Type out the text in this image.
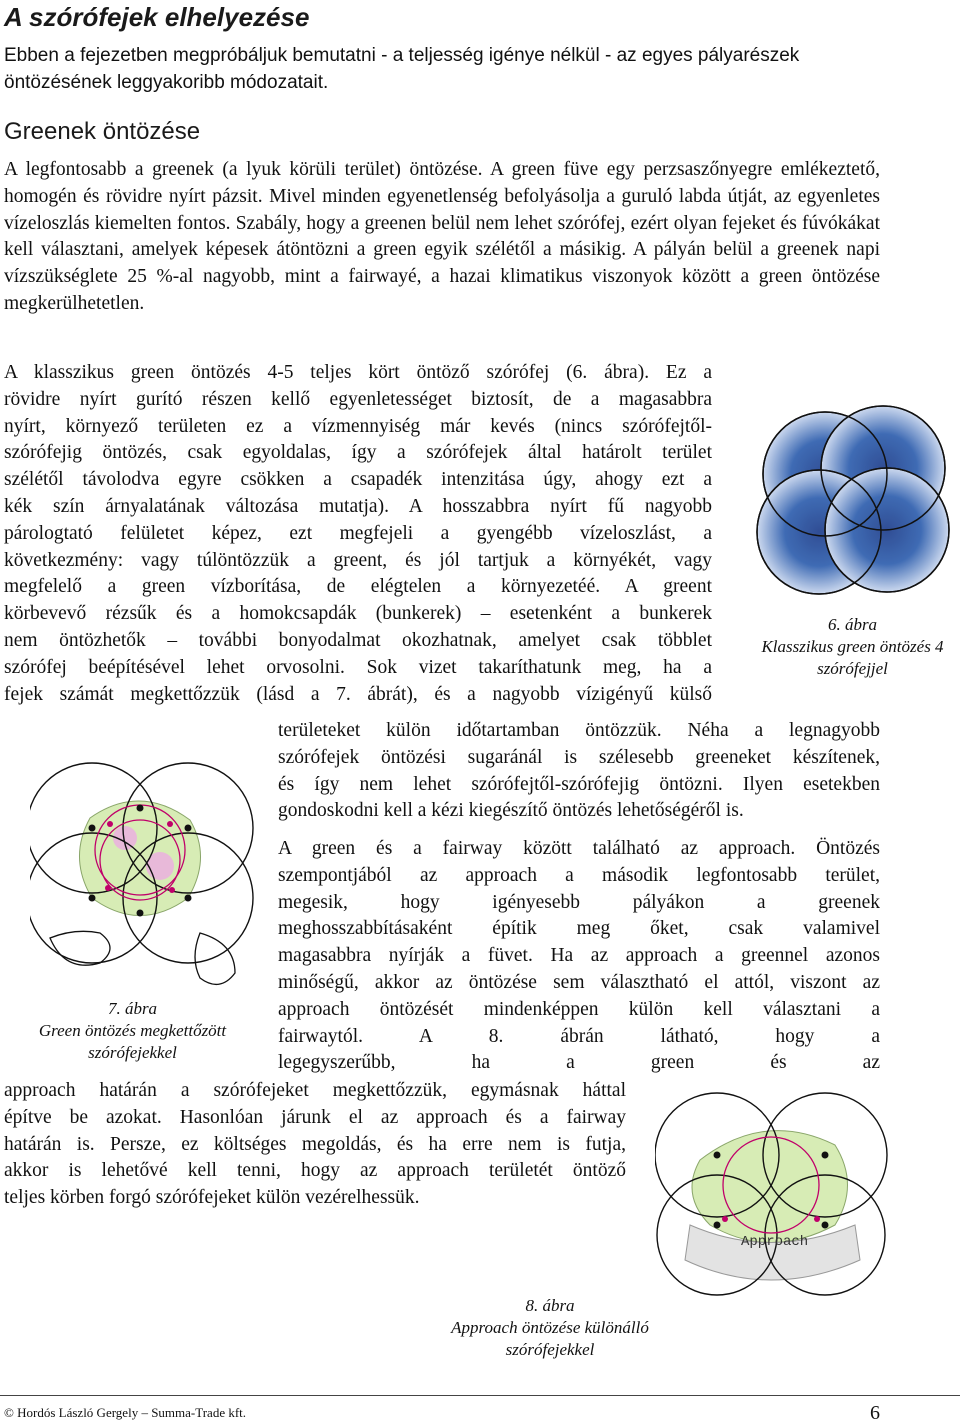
A szórófejek elhelyezése
Ebben a fejezetben megpróbáljuk bemutatni - a teljesség igénye nélkül - az egyes pályarészek öntözésének leggyakoribb módozatait.
Greenek öntözése

A legfontosabb a greenek (a lyuk körüli terület) öntözése. A green füve egy perzsaszőnyegre emlékeztető, homogén és rövidre nyírt pázsit. Mivel minden egyenetlenség befolyásolja a guruló labda útját, az egyenletes vízeloszlás kiemelten fontos. Szabály, hogy a greenen belül nem lehet szórófej, ezért olyan fejeket és fúvókákat kell választani, amelyek képesek átöntözni a green egyik szélétől a másikig. A pályán belül a greenek napi vízszükséglete 25 %-al nagyobb, mint a fairwayé, a hazai klimatikus viszonyok között a green öntözése megkerülhetetlen.

A klasszikus green öntözés 4-5 teljes kört öntöző szórófej (6. ábra). Ez a
rövidre nyírt gurító részen kellő egyenletességet biztosít, de a magasabbra
nyírt, környező területen ez a vízmennyiség már kevés (nincs szórófejtől-
szórófejig öntözés, csak egyoldalas, így a szórófejek által határolt terület
szélétől távolodva egyre csökken a csapadék intenzitása úgy, ahogy ezt a
kék szín árnyalatának változása mutatja). A hosszabbra nyírt fű nagyobb
párologtató felületet képez, ezt megfejeli a gyengébb vízeloszlást, a
következmény: vagy túlöntözzük a greent, és jól tartjuk a környékét, vagy
megfelelő a green vízborítása, de elégtelen a környezetéé. A greent
körbevevő rézsűk és a homokcsapdák (bunkerek) – esetenként a bunkerek
nem öntözhetők – további bonyodalmat okozhatnak, amelyet csak többlet
szórófej beépítésével lehet orvosolni. Sok vizet takaríthatunk meg, ha a
fejek számát megkettőzzük (lásd a 7. ábrát), és a nagyobb vízigényű külső
területeket külön időtartamban öntözzük. Néha a legnagyobb
szórófejek öntözési sugaránál is szélesebb greeneket készítenek,
és így nem lehet szórófejtől-szórófejig öntözni. Ilyen esetekben
gondoskodni kell a kézi kiegészítő öntözés lehetőségéről is.
A green és a fairway között található az approach. Öntözés
szempontjából az approach a második legfontosabb terület,
megesik, hogy igényesebb pályákon a greenek
meghosszabbításaként építik meg őket, csak valamivel
magasabbra nyírják a füvet. Ha az approach a greennel azonos
minőségű, akkor az öntözése sem választható el attól, viszont az
approach öntözését mindenképpen külön kell választani a
fairwaytól. A 8. ábrán látható, hogy a
legegyszerűbb, ha a green és az
approach határán a szórófejeket megkettőzzük, egymásnak háttal
építve be azokat. Hasonlóan járunk el az approach és a fairway
határán is. Persze, ez költséges megoldás, és ha erre nem is futja,
akkor is lehetővé kell tenni, hogy az approach területét öntöző
teljes körben forgó szórófejeket külön vezérelhessük.
6. ábra
Klasszikus green öntözés 4
szórófejjel
7. ábra
Green öntözés megkettőzött
szórófejekkel
Approach
8. ábra
Approach öntözése különálló
szórófejekkel
© Hordós László Gergely – Summa-Trade kft.	6
